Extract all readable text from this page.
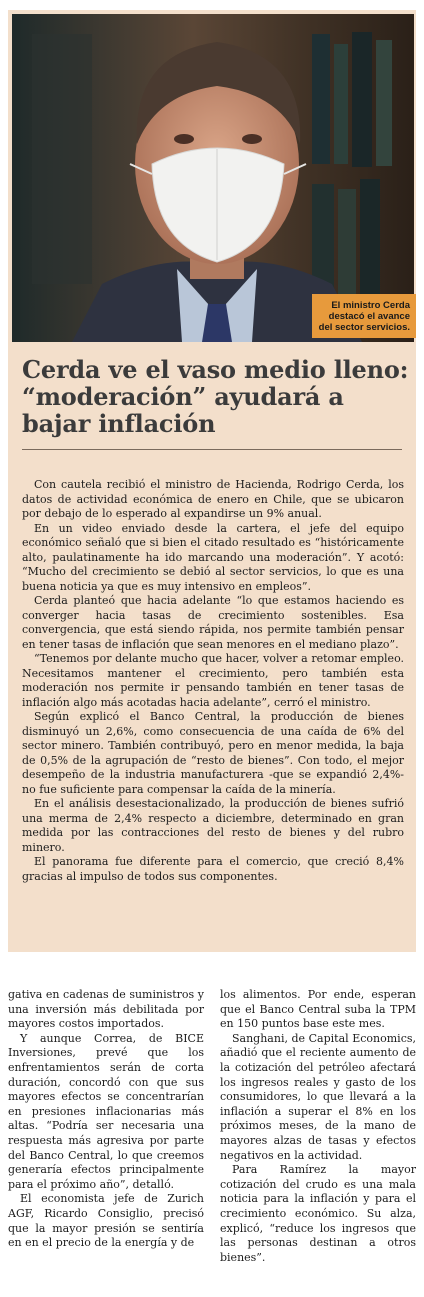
El ministro Cerda destacó el avance del sector servicios.
Cerda ve el vaso medio lleno: “moderación” ayudará a bajar inflación

Con cautela recibió el ministro de Hacienda, Rodrigo Cerda, los datos de actividad económica de enero en Chile, que se ubicaron por debajo de lo esperado al expandirse un 9% anual.

En un video enviado desde la cartera, el jefe del equipo económico señaló que si bien el citado resultado es “históricamente alto, paulatinamente ha ido marcando una moderación”. Y acotó: “Mucho del crecimiento se debió al sector servicios, lo que es una buena noticia ya que es muy intensivo en empleos”.

Cerda planteó que hacia adelante “lo que estamos haciendo es converger hacia tasas de crecimiento sostenibles. Esa convergencia, que está siendo rápida, nos permite también pensar en tener tasas de inflación que sean menores en el mediano plazo”.

“Tenemos por delante mucho que hacer, volver a retomar empleo. Necesitamos mantener el crecimiento, pero también esta moderación nos permite ir pensando también en tener tasas de inflación algo más acotadas hacia adelante”, cerró el ministro.

Según explicó el Banco Central, la producción de bienes disminuyó un 2,6%, como consecuencia de una caída de 6% del sector minero. También contribuyó, pero en menor medida, la baja de 0,5% de la agrupación de “resto de bienes”. Con todo, el mejor desempeño de la industria manufacturera -que se expandió 2,4%- no fue suficiente para compensar la caída de la minería.

En el análisis desestacionalizado, la producción de bienes sufrió una merma de 2,4% respecto a diciembre, determinado en gran medida por las contracciones del resto de bienes y del rubro minero.

El panorama fue diferente para el comercio, que creció 8,4% gracias al impulso de todos sus componentes.

gativa en cadenas de suministros y una inversión más debilitada por mayores costos importados.

Y aunque Correa, de BICE Inversiones, prevé que los enfrentamientos serán de corta duración, concordó con que sus mayores efectos se concentrarían en presiones inflacionarias más altas. “Podría ser necesaria una respuesta más agresiva por parte del Banco Central, lo que creemos generaría efectos principalmente para el próximo año”, detalló.

El economista jefe de Zurich AGF, Ricardo Consiglio, precisó que la mayor presión se sentiría en en el precio de la energía y de

los alimentos. Por ende, esperan que el Banco Central suba la TPM en 150 puntos base este mes.

Sanghani, de Capital Economics, añadió que el reciente aumento de la cotización del petróleo afectará los ingresos reales y gasto de los consumidores, lo que llevará a la inflación a superar el 8% en los próximos meses, de la mano de mayores alzas de tasas y efectos negativos en la actividad.

Para Ramírez la mayor cotización del crudo es una mala noticia para la inflación y para el crecimiento económico. Su alza, explicó, “reduce los ingresos que las personas destinan a otros bienes”.
